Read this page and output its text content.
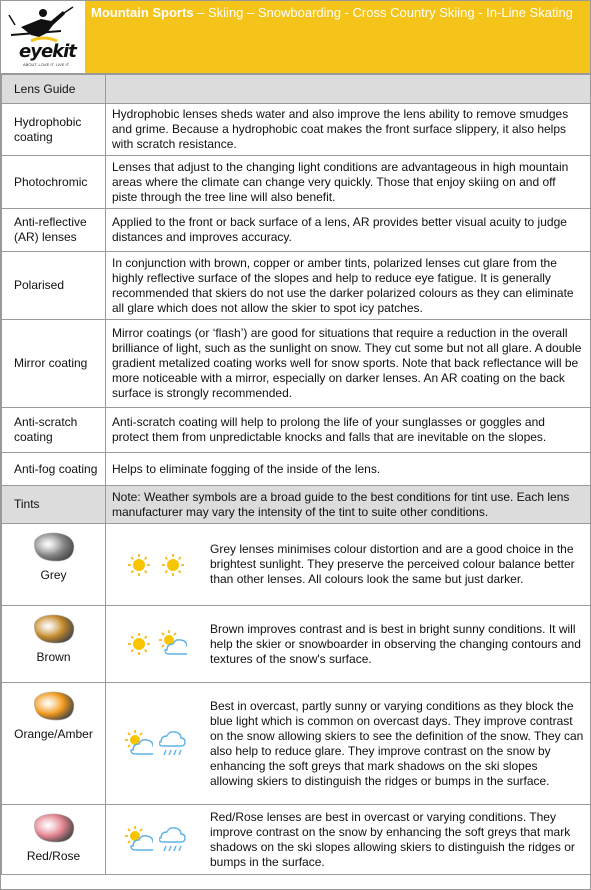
eyekit
ABOUT. LOVE IT. LIVE IT.
Mountain Sports – Skiing – Snowboarding - Cross Country Skiing - In-Line Skating
Lens Guide	
Hydrophobic coating	Hydrophobic lenses sheds water and also improve the lens ability to remove smudges and grime. Because a hydrophobic coat makes the front surface slippery, it also helps with scratch resistance.
Photochromic	Lenses that adjust to the changing light conditions are advantageous in high mountain areas where the climate can change very quickly. Those that enjoy skiing on and off piste through the tree line will also benefit.
Anti-reflective (AR) lenses	Applied to the front or back surface of a lens, AR provides better visual acuity to judge distances and improves accuracy.
Polarised	In conjunction with brown, copper or amber tints, polarized lenses cut glare from the highly reflective surface of the slopes and help to reduce eye fatigue. It is generally recommended that skiers do not use the darker polarized colours as they can eliminate all glare which does not allow the skier to spot icy patches.
Mirror coating	Mirror coatings (or ‘flash’) are good for situations that require a reduction in the overall brilliance of light, such as the sunlight on snow. They cut some but not all glare. A double gradient metalized coating works well for snow sports. Note that back reflectance will be more noticeable with a mirror, especially on darker lenses. An AR coating on the back surface is strongly recommended.
Anti-scratch coating	Anti-scratch coating will help to prolong the life of your sunglasses or goggles and protect them from unpredictable knocks and falls that are inevitable on the slopes.
Anti-fog coating	Helps to eliminate fogging of the inside of the lens.
Tints	Note: Weather symbols are a broad guide to the best conditions for tint use. Each lens manufacturer may vary the intensity of the tint to suite other conditions.

Grey	Grey lenses minimises colour distortion and are a good choice in the brightest sunlight. They preserve the perceived colour balance better than other lenses. All colours look the same but just darker.

Brown	Brown improves contrast and is best in bright sunny conditions. It will help the skier or snowboarder in observing the changing contours and textures of the snow's surface.

Orange/Amber	Best in overcast, partly sunny or varying conditions as they block the blue light which is common on overcast days. They improve contrast on the snow allowing skiers to see the definition of the snow. They can also help to reduce glare. They improve contrast on the snow by enhancing the soft greys that mark shadows on the ski slopes allowing skiers to distinguish the ridges or bumps in the surface.

Red/Rose	Red/Rose lenses are best in overcast or varying conditions. They improve contrast on the snow by enhancing the soft greys that mark shadows on the ski slopes allowing skiers to distinguish the ridges or bumps in the surface.
